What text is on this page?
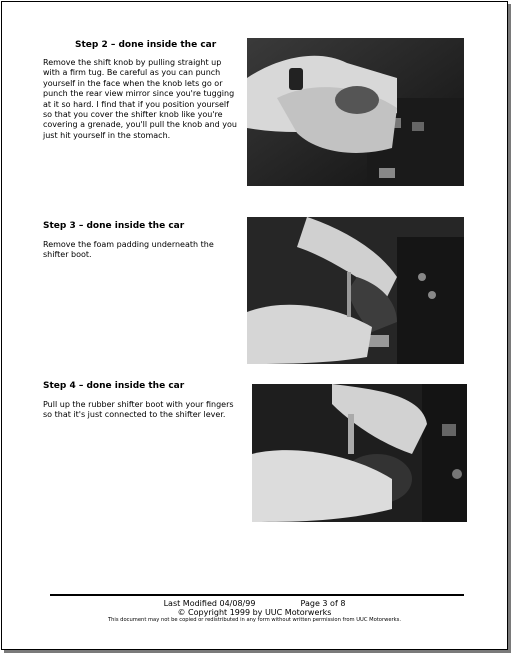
Step 2 – done inside the car
Remove the shift knob by pulling straight up with a firm tug. Be careful as you can punch yourself in the face when the knob lets go or punch the rear view mirror since you're tugging at it so hard. I find that if you position yourself so that you cover the shifter knob like you're covering a grenade, you'll pull the knob and you just hit yourself in the stomach.
Step 3 – done inside the car
Remove the foam padding underneath the shifter boot.
Step 4 – done inside the car
Pull up the rubber shifter boot with your fingers so that it's just connected to the shifter lever.
Last Modified 04/08/99	Page 3 of 8
© Copyright 1999 by UUC Motorwerks
This document may not be copied or redistributed in any form without written permission from UUC Motorwerks.
